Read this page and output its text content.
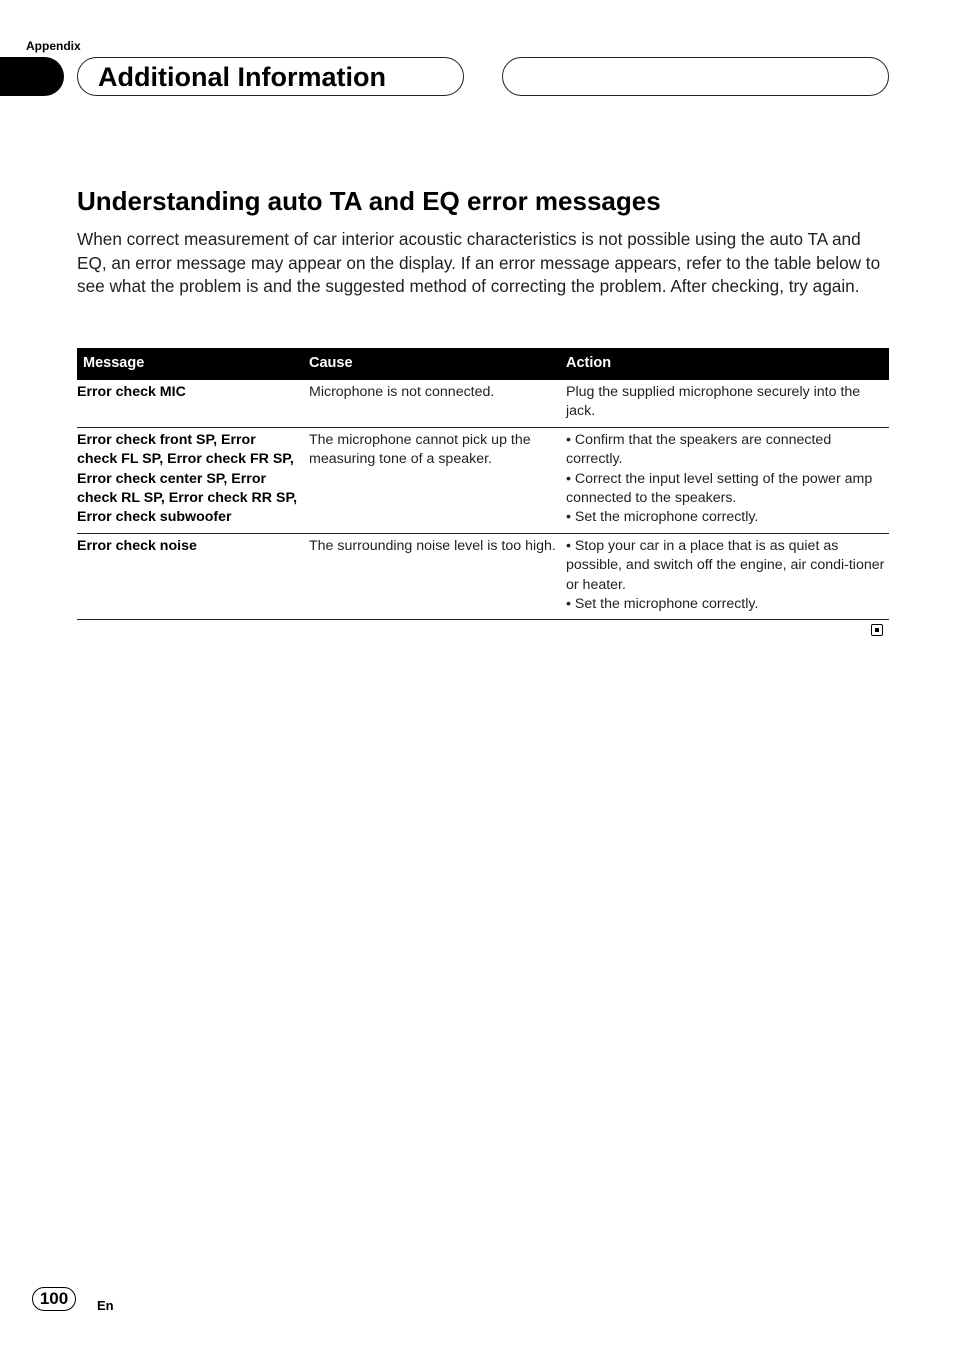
Appendix
Additional Information
Understanding auto TA and EQ error messages

When correct measurement of car interior acoustic characteristics is not possible using the auto TA and EQ, an error message may appear on the display. If an error message appears, refer to the table below to see what the problem is and the suggested method of correcting the problem. After checking, try again.

Message	Cause	Action

Error check MIC	Microphone is not connected.	Plug the supplied microphone securely into the jack.

Error check front SP, Error
check FL SP, Error check FR SP,
Error check center SP, Error
check RL SP, Error check RR SP,
Error check subwoofer	The microphone cannot pick up the measuring tone of a speaker.	• Confirm that the speakers are connected correctly.
• Correct the input level setting of the power amp connected to the speakers.
• Set the microphone correctly.

Error check noise	The surrounding noise level is too high.	• Stop your car in a place that is as quiet as possible, and switch off the engine, air condi-tioner or heater.
• Set the microphone correctly.
100	En
